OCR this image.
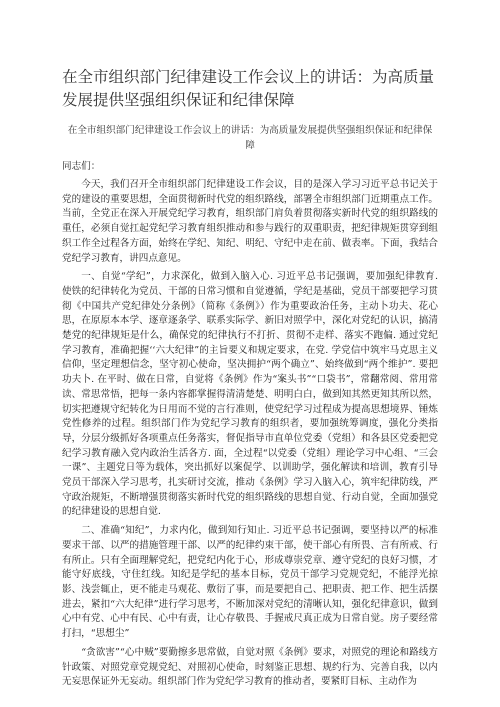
在全市组织部门纪律建设工作会议上的讲话：为高质量发展提供坚强组织保证和纪律保障
在全市组织部门纪律建设工作会议上的讲话：为高质量发展提供坚强组织保证和纪律保障
同志们：

今天，我们召开全市组织部门纪律建设工作会议，目的是深入学习习近平总书记关于党的建设的重要思想，全面贯彻新时代党的组织路线，部署全市组织部门近期重点工作。当前，全党正在深入开展党纪学习教育，组织部门肩负着贯彻落实新时代党的组织路线的重任，必须自觉扛起党纪学习教育组织推动和参与践行的双重职责，把纪律规矩贯穿到组织工作全过程各方面，始终在学纪、知纪、明纪、守纪中走在前、做表率。下面，我结合党纪学习教育，讲四点意见。

一、自觉“学纪”，力求深化，做到入脑入心. 习近平总书记强调，要加强纪律教育. 使铁的纪律转化为党员、干部的日常习惯和自觉遵循，学纪是基础，党员干部要把学习贯彻《中国共产党纪律处分条例》（简称《条例》）作为重要政治任务，主动卜功夫、花心思，在原原本本学、逐章逐条学、联系实际学、新旧对照学中，深化对党纪的认识，搞清楚党的纪律规矩是什么，确保党的纪律执行不打折、贯彻不走样、落实不跑偏. 通过党纪学习教育，准确把握‘‘六大纪律”的主旨要义和规定要求，在党. 学党信中筑牢马克思主义信仰，坚定理想信念，坚守初心使命，坚决拥护“两个确立”、始终做到“两个维护”. 要把功夫卜. 在平时、做在日常，自觉将《条例》作为“案头书”“口袋书”，常翻常阅、常用常读、常思常悟，把每一条内容都掌握得清清楚楚、明明白白，做到知其然更知其所以然，切实把遵规守纪转化为日用而不觉的言行准则，使党纪学习过程成为提高思想境界、锤炼党性修养的过程。组织部门作为党纪学习教育的组织者，要加强统筹调度，强化分类指导，分层分级抓好各项重点任务落实，督促指导市直单位党委（党组）和各县区党委把党纪学习教育融入党内政治生活各方. 面，全过程“以党委（党组）理论学习中心组、“三会一课”、主题党日等为载体，突出抓好以案促学、以训助学，强化解读和培训，教育引导党员干部深入学习思考，扎实研讨交流，推动《条例》学习入脑入心，筑牢纪律防线，严守政治规矩，不断增强贯彻落实新时代党的组织路线的思想自觉、行动自觉，全面加强党的纪律建设的思想自觉.

二、准确“知纪”，力求内化，做到知行知止. 习近平总书记强调，要坚持以严的标准要求干部、以严的措施管理干部、以严的纪律约束干部，使干部心有所畏、言有所戒、行有所止。只有全面理解党纪，把党纪内化于心，形成尊崇党章、遵守党纪的良好习惯，才能守好底线，守住红线。知纪是学纪的基本目标，党员干部学习党规党纪，不能浮光掠影、浅尝辄止，更不能走马观花、敷衍了事，而是要把自己、把职责、把工作、把生活摆进去，紧扣“六大纪律”进行学习思考，不断加深对党纪的清晰认知，强化纪律意识，做到心中有党、心中有民、心中有责，让心存敬畏、手握戒尺真正成为日常自觉。房子要经常打扫，“思想尘”

“贪欲害”“心中贼”要勤擦多思常做，自觉对照《条例》要求，对照党的理论和路线方针政策、对照党章党规党纪、对照初心使命，时刻鉴正思想、规约行为、完善自我，以内无妄思保证外无妄动。组织部门作为党纪学习教育的推动者，要紧盯目标、主动作为
